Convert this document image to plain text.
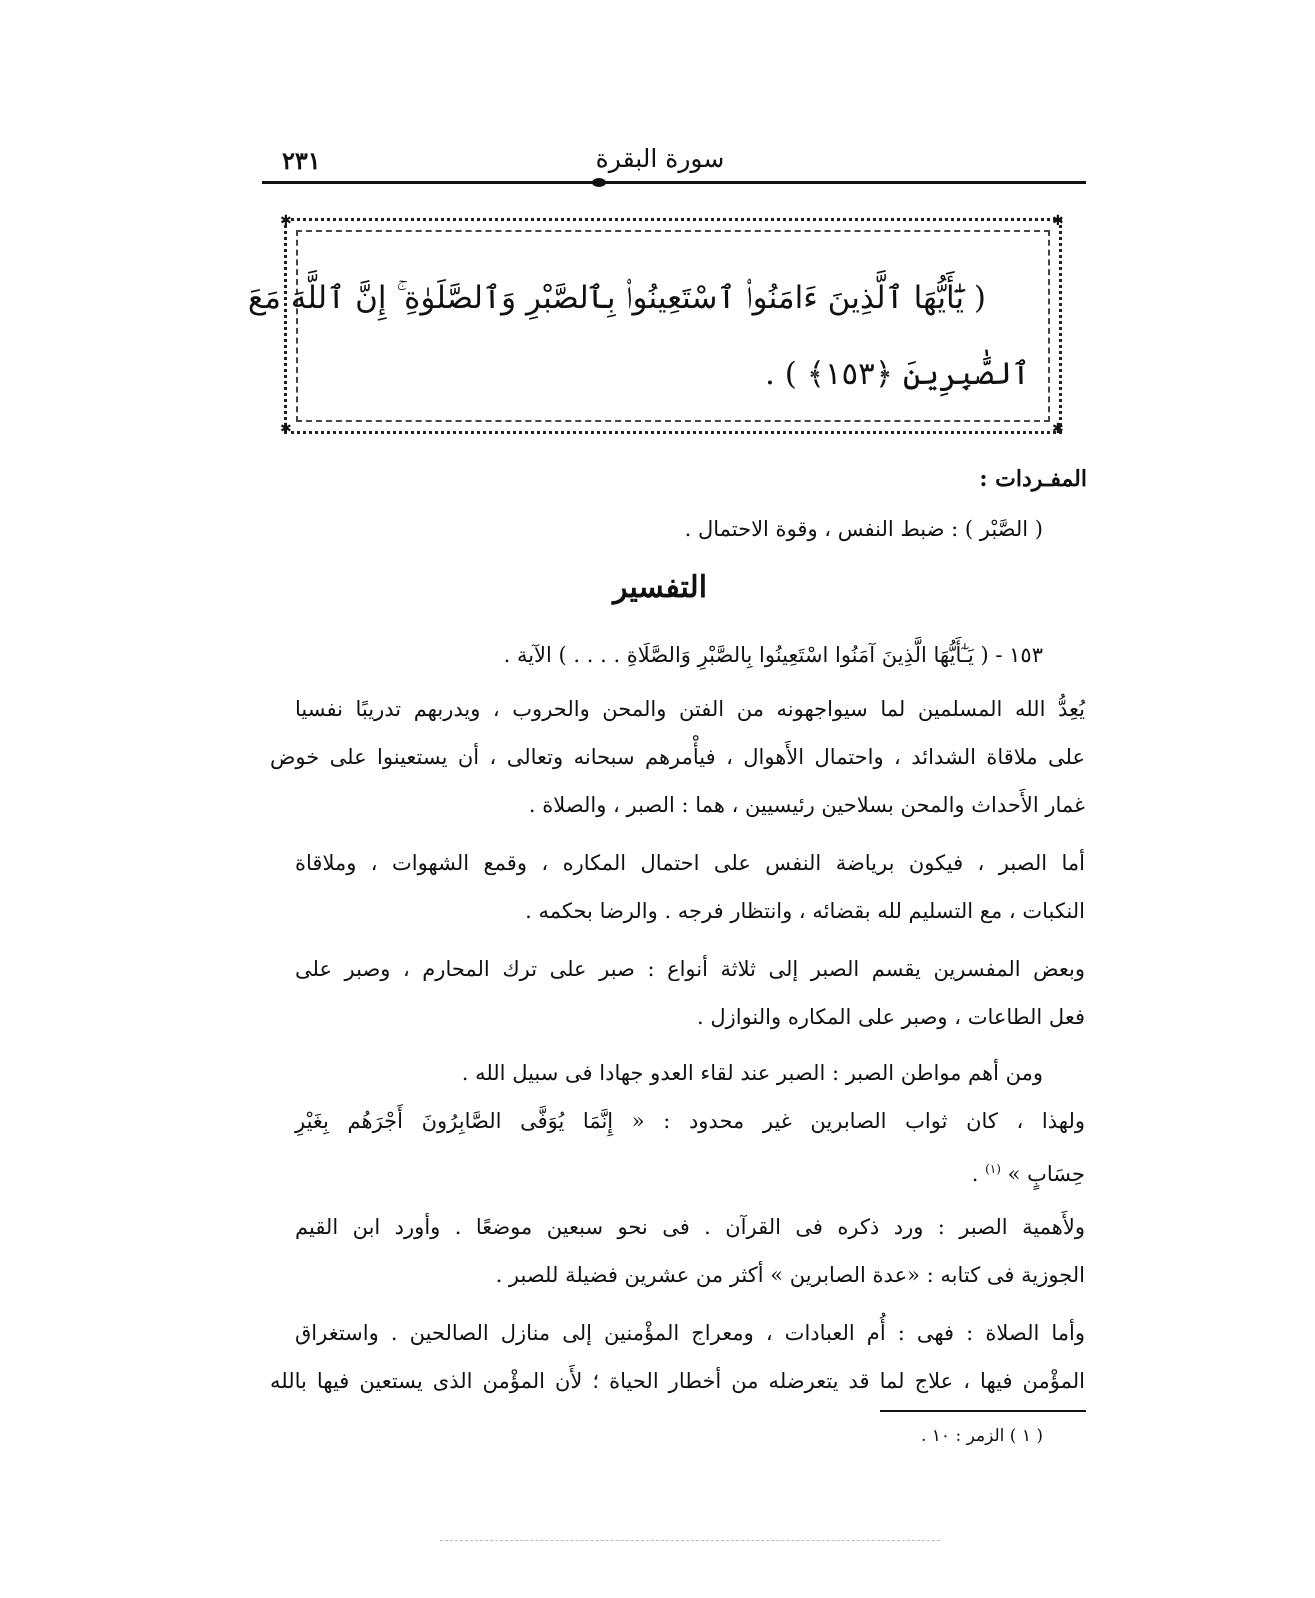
٢٣١	سورة البقرة
✱	✱
✱	✱
( يَٰٓأَيُّهَا ٱلَّذِينَ ءَامَنُوا۟ ٱسْتَعِينُوا۟ بِٱلصَّبْرِ وَٱلصَّلَوٰةِ ۚ إِنَّ ٱللَّهَ مَعَ
ٱلصَّٰبِرِينَ ﴿١٥٣﴾ ) .
المفـردات :
( الصَّبْر ) : ضبط النفس ، وقوة الاحتمال .
التفسير
١٥٣ - ( يَـٰٓأَيُّهَا الَّذِينَ آمَنُوا اسْتَعِينُوا بِالصَّبْرِ وَالصَّلَاةِ . . . . ) الآية .
يُعِدُّ الله المسلمين لما سيواجهونه من الفتن والمحن والحروب ، ويدربهم تدريبًا نفسيا
على ملاقاة الشدائد ، واحتمال الأَهوال ، فيأْمرهم سبحانه وتعالى ، أن يستعينوا على خوض
غمار الأَحداث والمحن بسلاحين رئيسيين ، هما : الصبر ، والصلاة .
أما الصبر ، فيكون برياضة النفس على احتمال المكاره ، وقمع الشهوات ، وملاقاة
النكبات ، مع التسليم لله بقضائه ، وانتظار فرجه . والرضا بحكمه .
وبعض المفسرين يقسم الصبر إلى ثلاثة أنواع : صبر على ترك المحارم ، وصبر على
فعل الطاعات ، وصبر على المكاره والنوازل .
ومن أهم مواطن الصبر : الصبر عند لقاء العدو جهادا فى سبيل الله .
ولهذا ، كان ثواب الصابرين غير محدود : « إِنَّمَا يُوَفَّى الصَّابِرُونَ أَجْرَهُم بِغَيْرِ
حِسَابٍ » $^{(١)}$ .
ولأَهمية الصبر : ورد ذكره فى القرآن . فى نحو سبعين موضعًا . وأورد ابن القيم
الجوزية فى كتابه : «عدة الصابرين » أكثر من عشرين فضيلة للصبر .
وأما الصلاة : فهى : أُم العبادات ، ومعراج المؤْمنين إلى منازل الصالحين . واستغراق
المؤْمن فيها ، علاج لما قد يتعرضله من أخطار الحياة ؛ لأَن المؤْمن الذى يستعين فيها بالله
( ١ ) الزمر : ١٠ .
